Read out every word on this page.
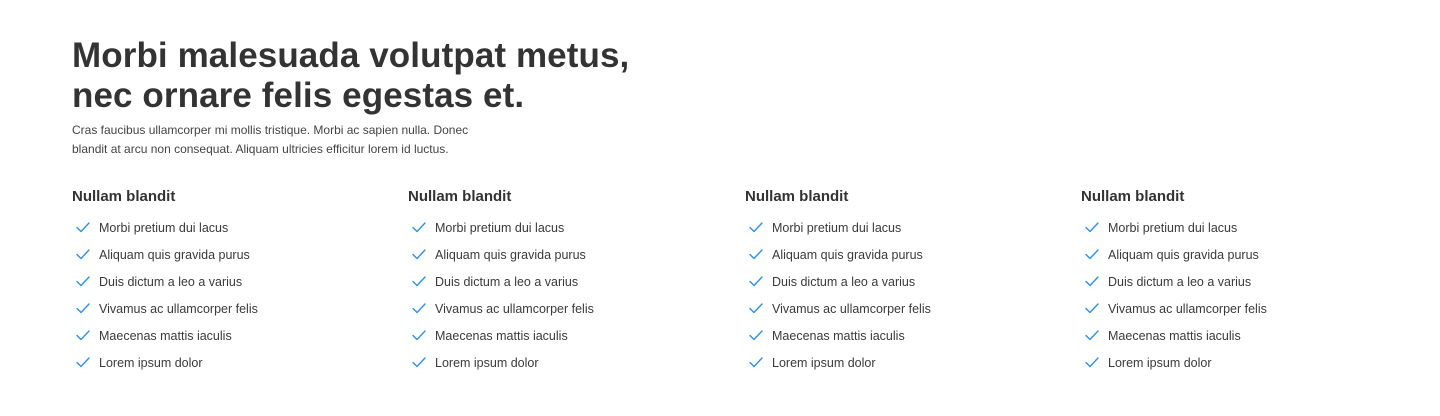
Morbi malesuada volutpat metus,
nec ornare felis egestas et.

Cras faucibus ullamcorper mi mollis tristique. Morbi ac sapien nulla. Donec
blandit at arcu non consequat. Aliquam ultricies efficitur lorem id luctus.

Nullam blandit
Morbi pretium dui lacus
Aliquam quis gravida purus
Duis dictum a leo a varius
Vivamus ac ullamcorper felis
Maecenas mattis iaculis
Lorem ipsum dolor
Nullam blandit
Morbi pretium dui lacus
Aliquam quis gravida purus
Duis dictum a leo a varius
Vivamus ac ullamcorper felis
Maecenas mattis iaculis
Lorem ipsum dolor
Nullam blandit
Morbi pretium dui lacus
Aliquam quis gravida purus
Duis dictum a leo a varius
Vivamus ac ullamcorper felis
Maecenas mattis iaculis
Lorem ipsum dolor
Nullam blandit
Morbi pretium dui lacus
Aliquam quis gravida purus
Duis dictum a leo a varius
Vivamus ac ullamcorper felis
Maecenas mattis iaculis
Lorem ipsum dolor
